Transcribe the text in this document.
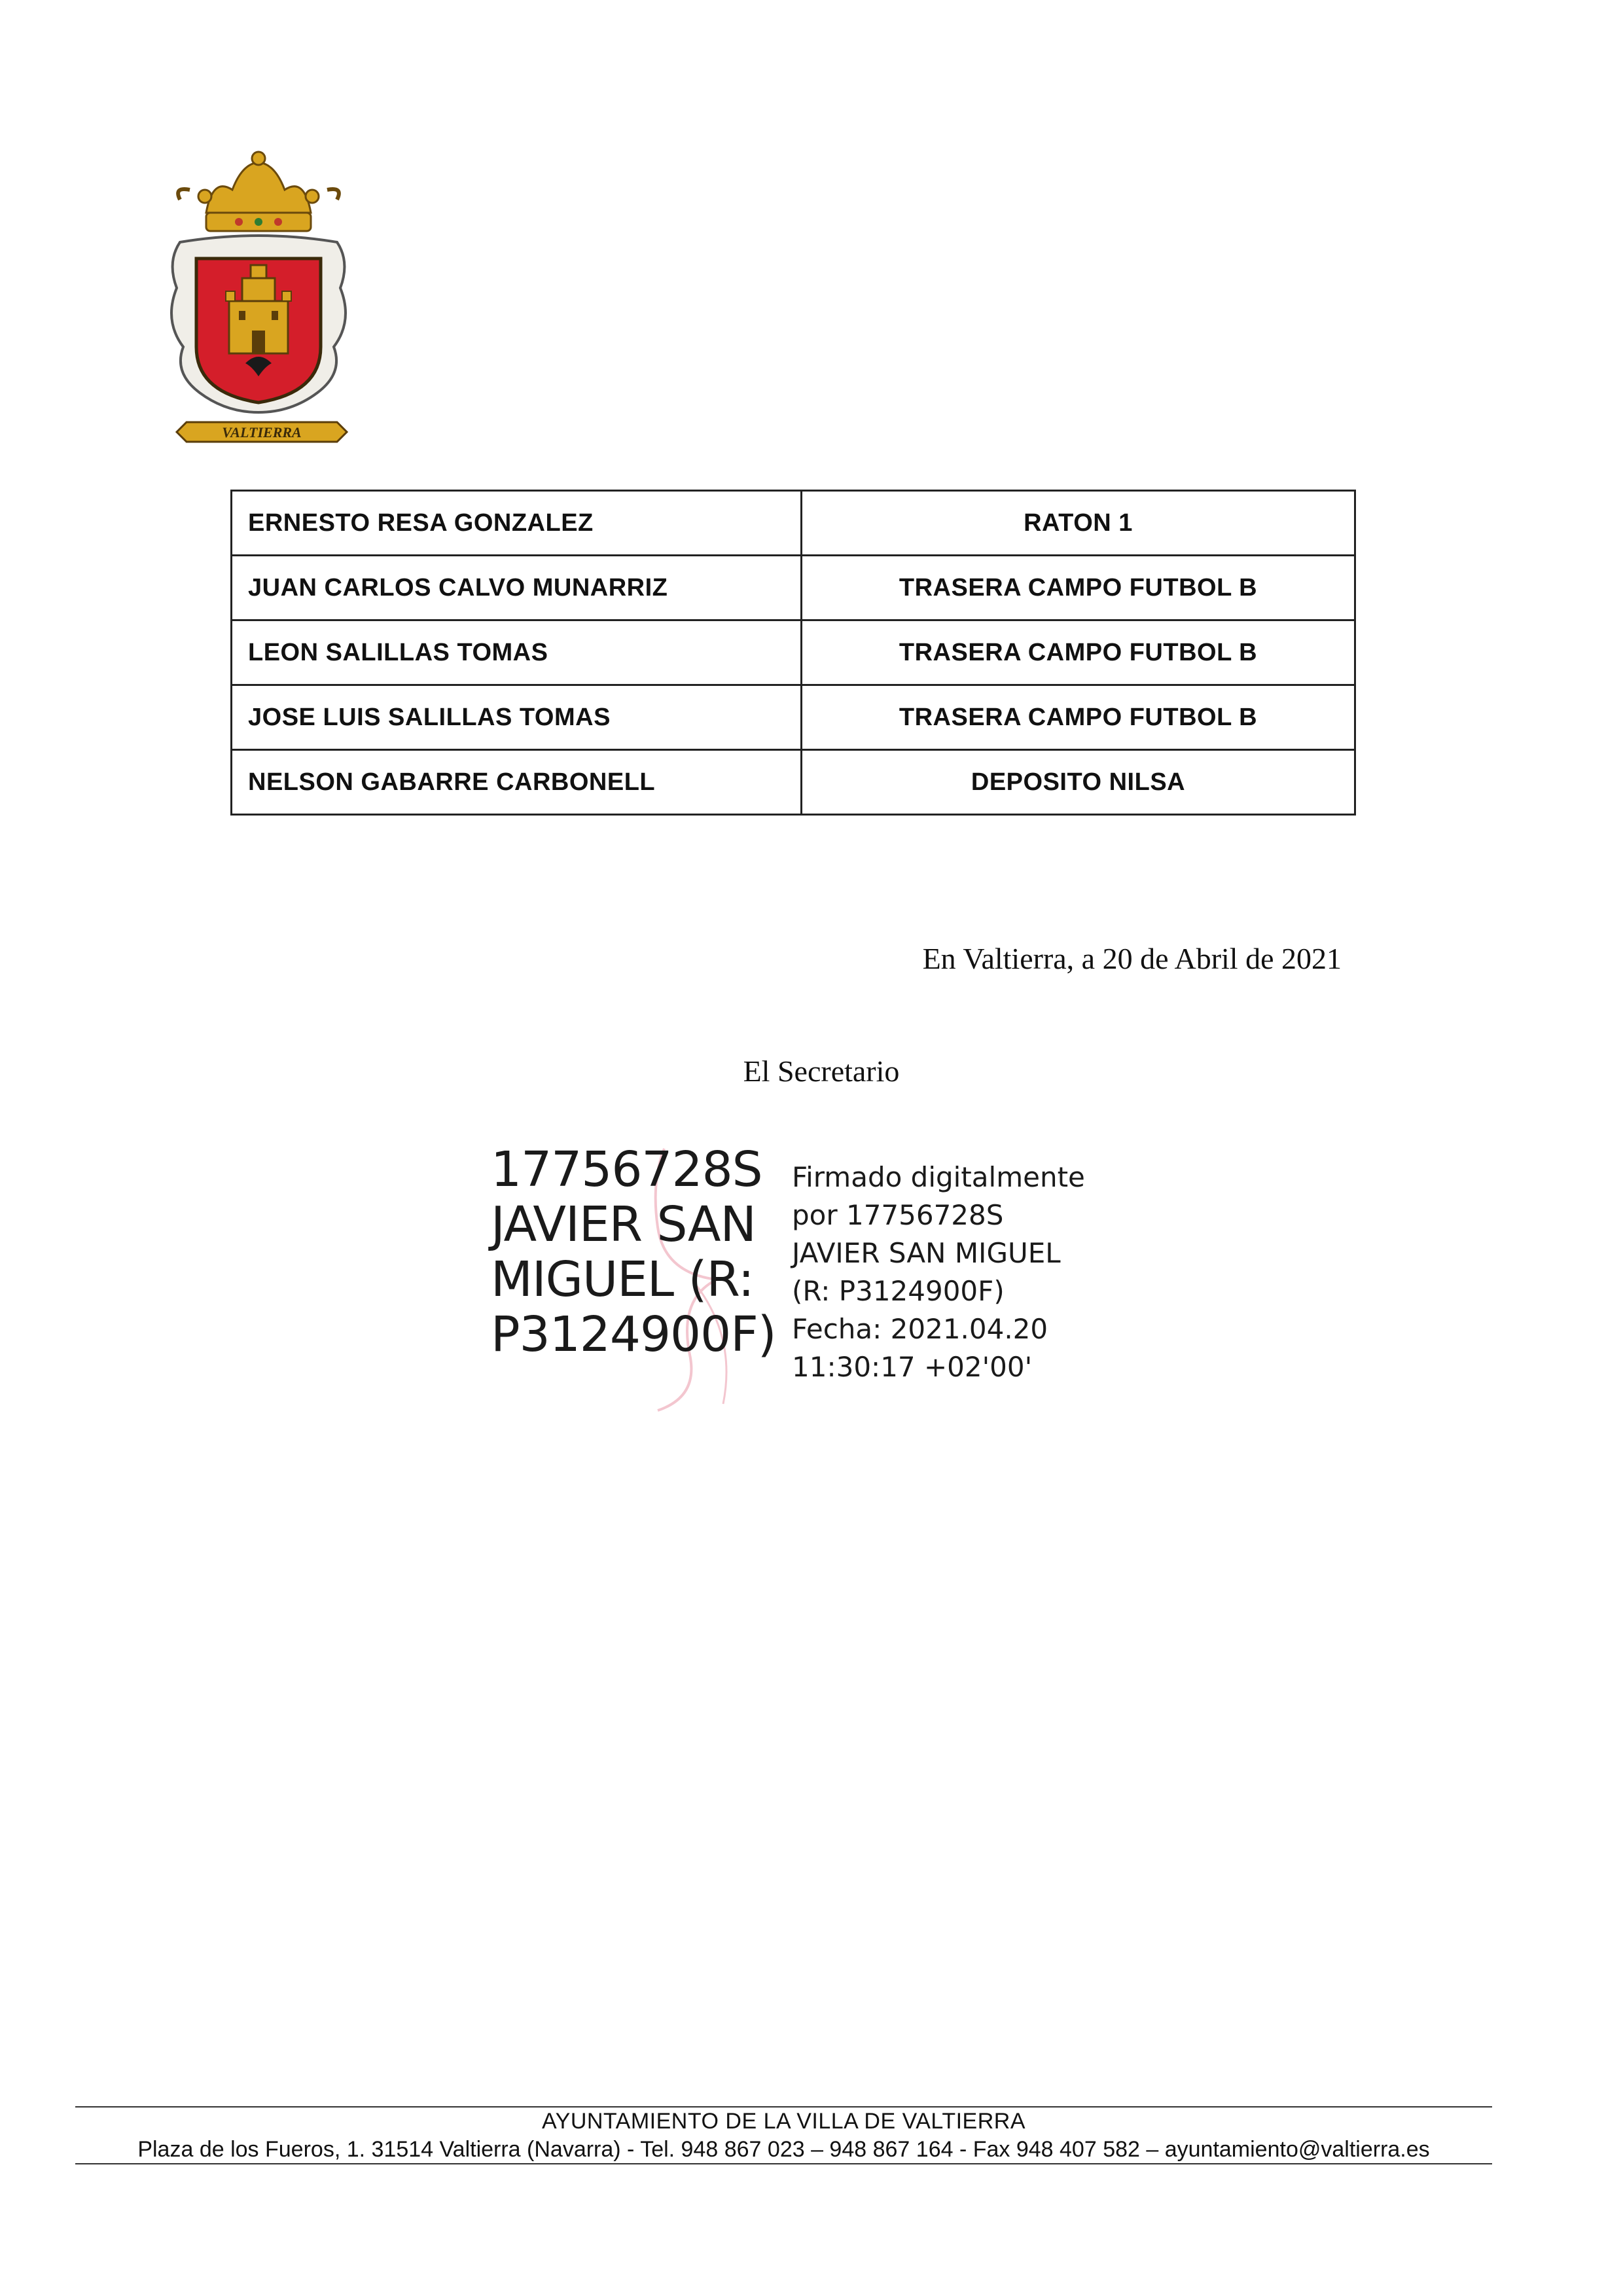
VALTIERRA
ERNESTO RESA GONZALEZ	RATON 1
JUAN CARLOS CALVO MUNARRIZ	TRASERA CAMPO FUTBOL B
LEON SALILLAS TOMAS	TRASERA CAMPO FUTBOL B
JOSE LUIS SALILLAS TOMAS	TRASERA CAMPO FUTBOL B
NELSON GABARRE CARBONELL	DEPOSITO NILSA
En Valtierra, a 20 de Abril de 2021
El Secretario
17756728S
JAVIER SAN
MIGUEL (R:
P3124900F)
Firmado digitalmente
por 17756728S
JAVIER SAN MIGUEL
(R: P3124900F)
Fecha: 2021.04.20
11:30:17 +02'00'
AYUNTAMIENTO DE LA VILLA DE VALTIERRA
Plaza de los Fueros, 1. 31514 Valtierra (Navarra) - Tel. 948 867 023 – 948 867 164 - Fax 948 407 582 – ayuntamiento@valtierra.es
